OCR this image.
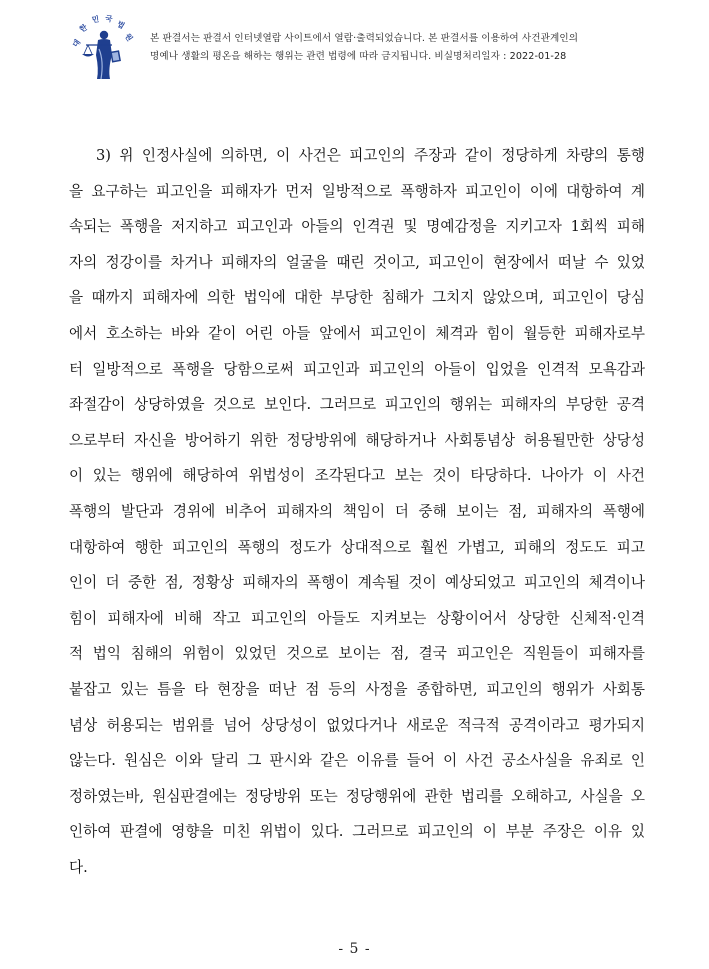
대
한
민 국
법
원 본 판결서는 판결서 인터넷열람 사이트에서 열람·출력되었습니다. 본 판결서를 이용하여 사건관계인의
명예나 생활의 평온을 해하는 행위는 관련 법령에 따라 금지됩니다. 비실명처리일자 : 2022-01-28
3) 위 인정사실에 의하면, 이 사건은 피고인의 주장과 같이 정당하게 차량의 통행
을 요구하는 피고인을 피해자가 먼저 일방적으로 폭행하자 피고인이 이에 대항하여 계
속되는 폭행을 저지하고 피고인과 아들의 인격권 및 명예감정을 지키고자 1회씩 피해
자의 정강이를 차거나 피해자의 얼굴을 때린 것이고, 피고인이 현장에서 떠날 수 있었
을 때까지 피해자에 의한 법익에 대한 부당한 침해가 그치지 않았으며, 피고인이 당심
에서 호소하는 바와 같이 어린 아들 앞에서 피고인이 체격과 힘이 월등한 피해자로부
터 일방적으로 폭행을 당함으로써 피고인과 피고인의 아들이 입었을 인격적 모욕감과
좌절감이 상당하였을 것으로 보인다. 그러므로 피고인의 행위는 피해자의 부당한 공격
으로부터 자신을 방어하기 위한 정당방위에 해당하거나 사회통념상 허용될만한 상당성
이 있는 행위에 해당하여 위법성이 조각된다고 보는 것이 타당하다. 나아가 이 사건
폭행의 발단과 경위에 비추어 피해자의 책임이 더 중해 보이는 점, 피해자의 폭행에
대항하여 행한 피고인의 폭행의 정도가 상대적으로 훨씬 가볍고, 피해의 정도도 피고
인이 더 중한 점, 정황상 피해자의 폭행이 계속될 것이 예상되었고 피고인의 체격이나
힘이 피해자에 비해 작고 피고인의 아들도 지켜보는 상황이어서 상당한 신체적·인격
적 법익 침해의 위험이 있었던 것으로 보이는 점, 결국 피고인은 직원들이 피해자를
붙잡고 있는 틈을 타 현장을 떠난 점 등의 사정을 종합하면, 피고인의 행위가 사회통
념상 허용되는 범위를 넘어 상당성이 없었다거나 새로운 적극적 공격이라고 평가되지
않는다. 원심은 이와 달리 그 판시와 같은 이유를 들어 이 사건 공소사실을 유죄로 인
정하였는바, 원심판결에는 정당방위 또는 정당행위에 관한 법리를 오해하고, 사실을 오
인하여 판결에 영향을 미친 위법이 있다. 그러므로 피고인의 이 부분 주장은 이유 있
다.
- 5 -
